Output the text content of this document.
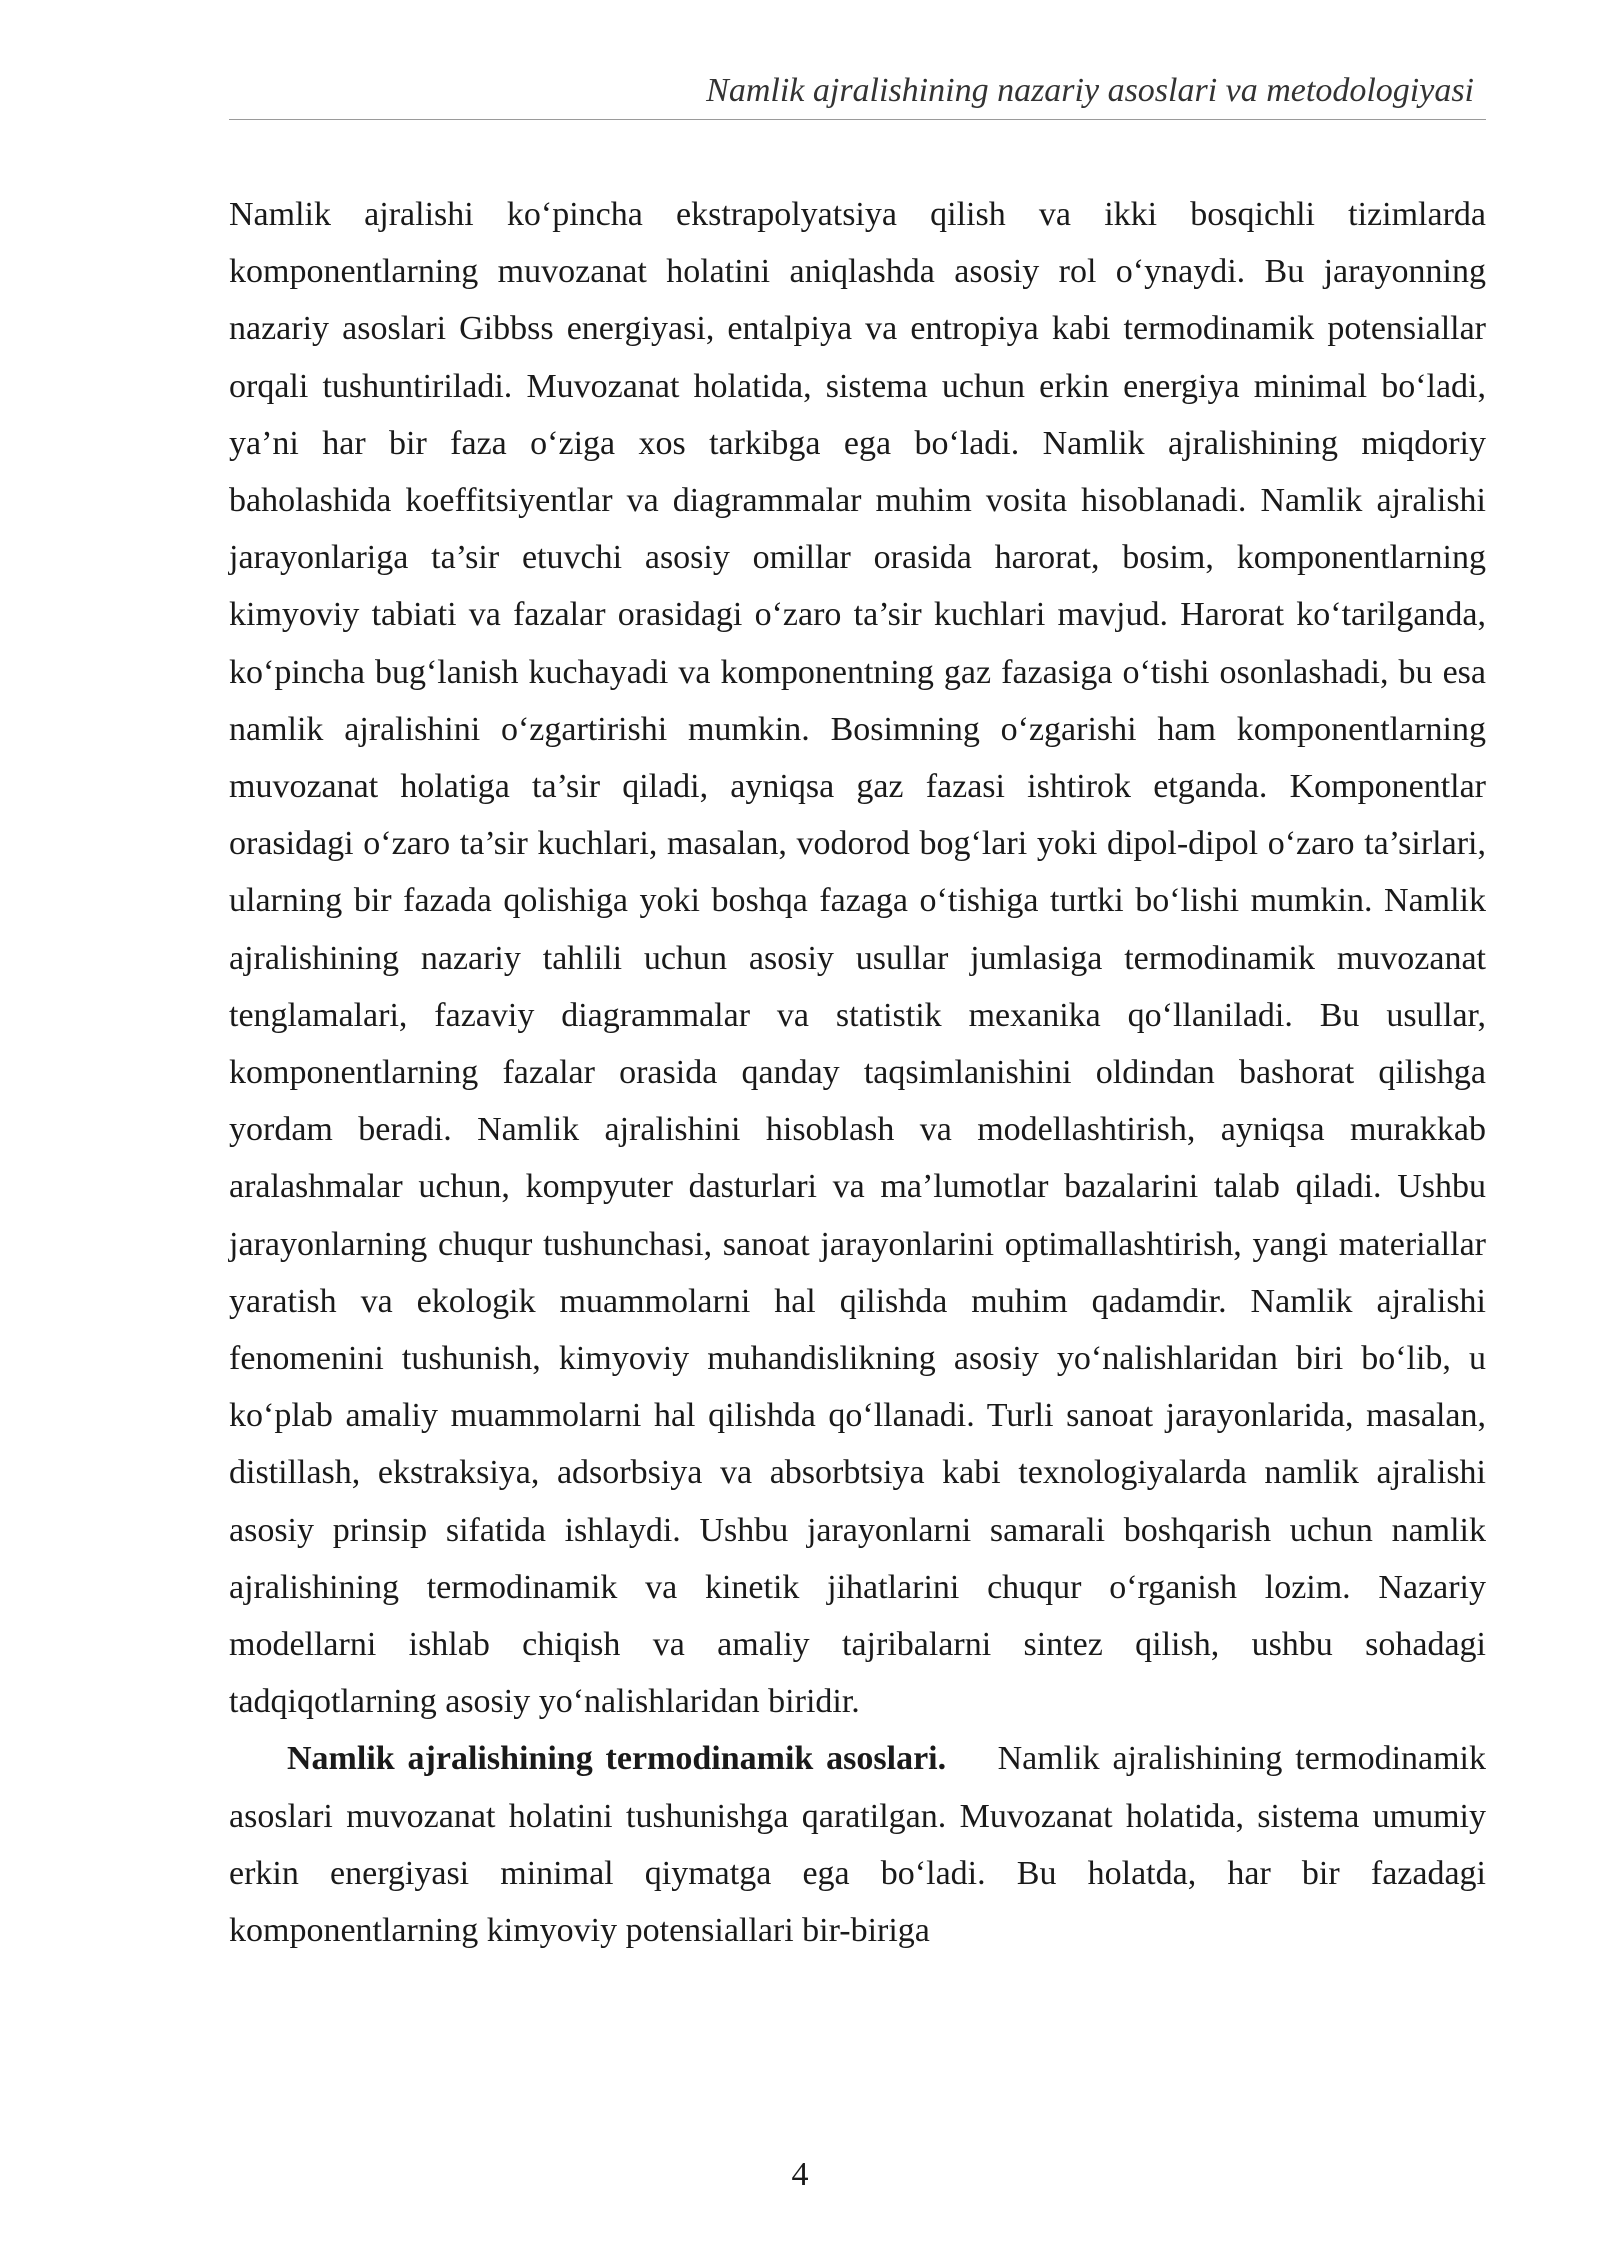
Namlik ajralishining nazariy asoslari va metodologiyasi

Namlik ajralishi ko‘pincha ekstrapolyatsiya qilish va ikki bosqichli tizimlarda komponentlarning muvozanat holatini aniqlashda asosiy rol o‘ynaydi. Bu jarayonning nazariy asoslari Gibbss energiyasi, entalpiya va entropiya kabi termodinamik potensiallar orqali tushuntiriladi. Muvozanat holatida, sistema uchun erkin energiya minimal bo‘ladi, ya’ni har bir faza o‘ziga xos tarkibga ega bo‘ladi. Namlik ajralishining miqdoriy baholashida koeffitsiyentlar va diagrammalar muhim vosita hisoblanadi. Namlik ajralishi jarayonlariga ta’sir etuvchi asosiy omillar orasida harorat, bosim, komponentlarning kimyoviy tabiati va fazalar orasidagi o‘zaro ta’sir kuchlari mavjud. Harorat ko‘tarilganda, ko‘pincha bug‘lanish kuchayadi va komponentning gaz fazasiga o‘tishi osonlashadi, bu esa namlik ajralishini o‘zgartirishi mumkin. Bosimning o‘zgarishi ham komponentlarning muvozanat holatiga ta’sir qiladi, ayniqsa gaz fazasi ishtirok etganda. Komponentlar orasidagi o‘zaro ta’sir kuchlari, masalan, vodorod bog‘lari yoki dipol-dipol o‘zaro ta’sirlari, ularning bir fazada qolishiga yoki boshqa fazaga o‘tishiga turtki bo‘lishi mumkin. Namlik ajralishining nazariy tahlili uchun asosiy usullar jumlasiga termodinamik muvozanat tenglamalari, fazaviy diagrammalar va statistik mexanika qo‘llaniladi. Bu usullar, komponentlarning fazalar orasida qanday taqsimlanishini oldindan bashorat qilishga yordam beradi. Namlik ajralishini hisoblash va modellashtirish, ayniqsa murakkab aralashmalar uchun, kompyuter dasturlari va ma’lumotlar bazalarini talab qiladi. Ushbu jarayonlarning chuqur tushunchasi, sanoat jarayonlarini optimallashtirish, yangi materiallar yaratish va ekologik muammolarni hal qilishda muhim qadamdir. Namlik ajralishi fenomenini tushunish, kimyoviy muhandislikning asosiy yo‘nalishlaridan biri bo‘lib, u ko‘plab amaliy muammolarni hal qilishda qo‘llanadi. Turli sanoat jarayonlarida, masalan, distillash, ekstraksiya, adsorbsiya va absorbtsiya kabi texnologiyalarda namlik ajralishi asosiy prinsip sifatida ishlaydi. Ushbu jarayonlarni samarali boshqarish uchun namlik ajralishining termodinamik va kinetik jihatlarini chuqur o‘rganish lozim. Nazariy modellarni ishlab chiqish va amaliy tajribalarni sintez qilish, ushbu sohadagi tadqiqotlarning asosiy yo‘nalishlaridan biridir.

Namlik ajralishining termodinamik asoslari. Namlik ajralishining termodinamik asoslari muvozanat holatini tushunishga qaratilgan. Muvozanat holatida, sistema umumiy erkin energiyasi minimal qiymatga ega bo‘ladi. Bu holatda, har bir fazadagi komponentlarning kimyoviy potensiallari bir-biriga

4
